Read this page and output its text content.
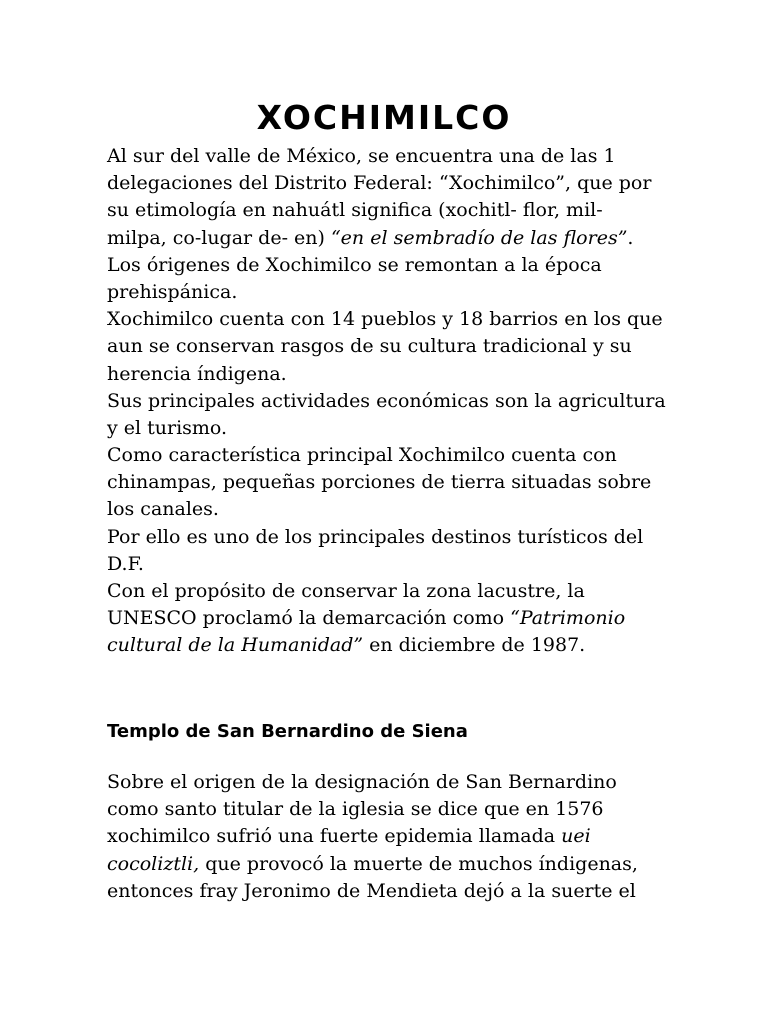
XOCHIMILCO
Al sur del valle de México, se encuentra una de las 1
delegaciones del Distrito Federal: “Xochimilco”, que por
su etimología en nahuátl significa (xochitl- flor, mil-
milpa, co-lugar de- en) “en el sembradío de las flores”.
Los órigenes de Xochimilco se remontan a la época
prehispánica.
Xochimilco cuenta con 14 pueblos y 18 barrios en los que
aun se conservan rasgos de su cultura tradicional y su
herencia índigena.
Sus principales actividades económicas son la agricultura
y el turismo.
Como característica principal Xochimilco cuenta con
chinampas, pequeñas porciones de tierra situadas sobre
los canales.
Por ello es uno de los principales destinos turísticos del
D.F.
Con el propósito de conservar la zona lacustre, la
UNESCO proclamó la demarcación como “Patrimonio
cultural de la Humanidad” en diciembre de 1987.
Templo de San Bernardino de Siena
Sobre el origen de la designación de San Bernardino
como santo titular de la iglesia se dice que en 1576
xochimilco sufrió una fuerte epidemia llamada uei
cocoliztli, que provocó la muerte de muchos índigenas,
entonces fray Jeronimo de Mendieta dejó a la suerte el
